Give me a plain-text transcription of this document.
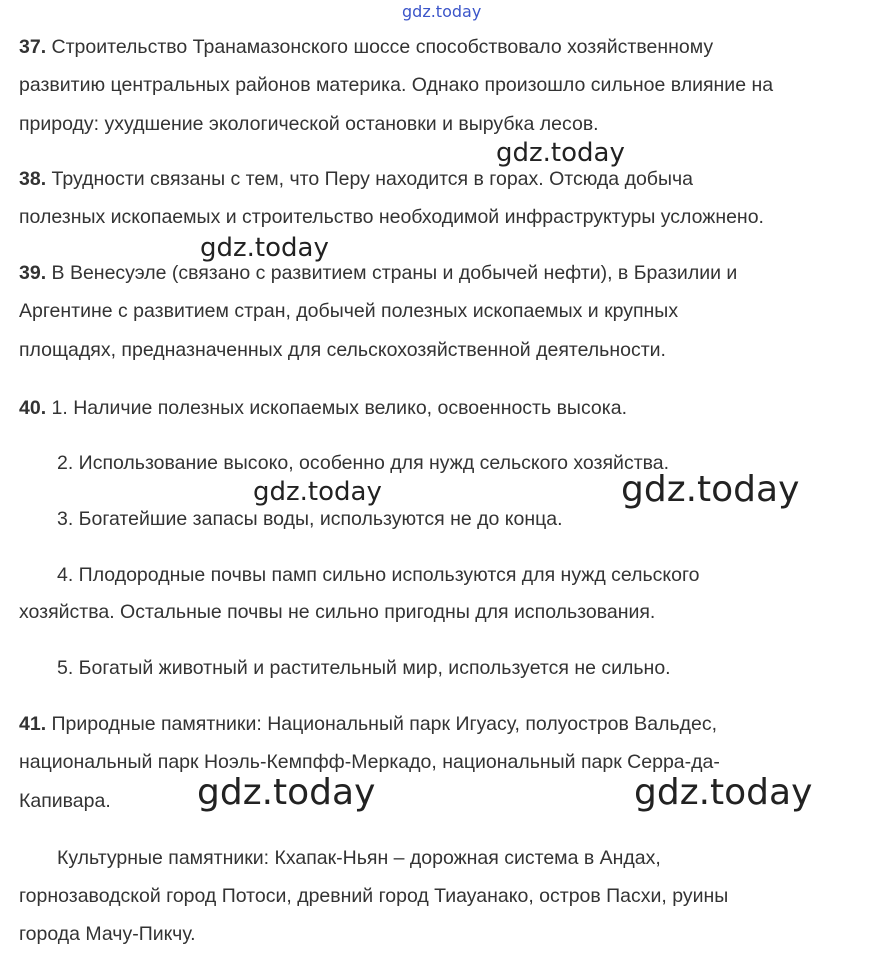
gdz.today
gdz.today
gdz.today
gdz.today	gdz.today
gdz.today	gdz.today
37. Строительство Транамазонского шоссе способствовало хозяйственному
развитию центральных районов материка. Однако произошло сильное влияние на
природу: ухудшение экологической остановки и вырубка лесов.
38. Трудности связаны с тем, что Перу находится в горах. Отсюда добыча
полезных ископаемых и строительство необходимой инфраструктуры усложнено.
39. В Венесуэле (связано с развитием страны и добычей нефти), в Бразилии и
Аргентине с развитием стран, добычей полезных ископаемых и крупных
площадях, предназначенных для сельскохозяйственной деятельности.
40. 1. Наличие полезных ископаемых велико, освоенность высока.
2. Использование высоко, особенно для нужд сельского хозяйства.
3. Богатейшие запасы воды, используются не до конца.
4. Плодородные почвы памп сильно используются для нужд сельского
хозяйства. Остальные почвы не сильно пригодны для использования.
5. Богатый животный и растительный мир, используется не сильно.
41. Природные памятники: Национальный парк Игуасу, полуостров Вальдес,
национальный парк Ноэль-Кемпфф-Меркадо, национальный парк Серра-да-
Капивара.
Культурные памятники: Кхапак-Ньян – дорожная система в Андах,
горнозаводской город Потоси, древний город Тиауанако, остров Пасхи, руины
города Мачу-Пикчу.
